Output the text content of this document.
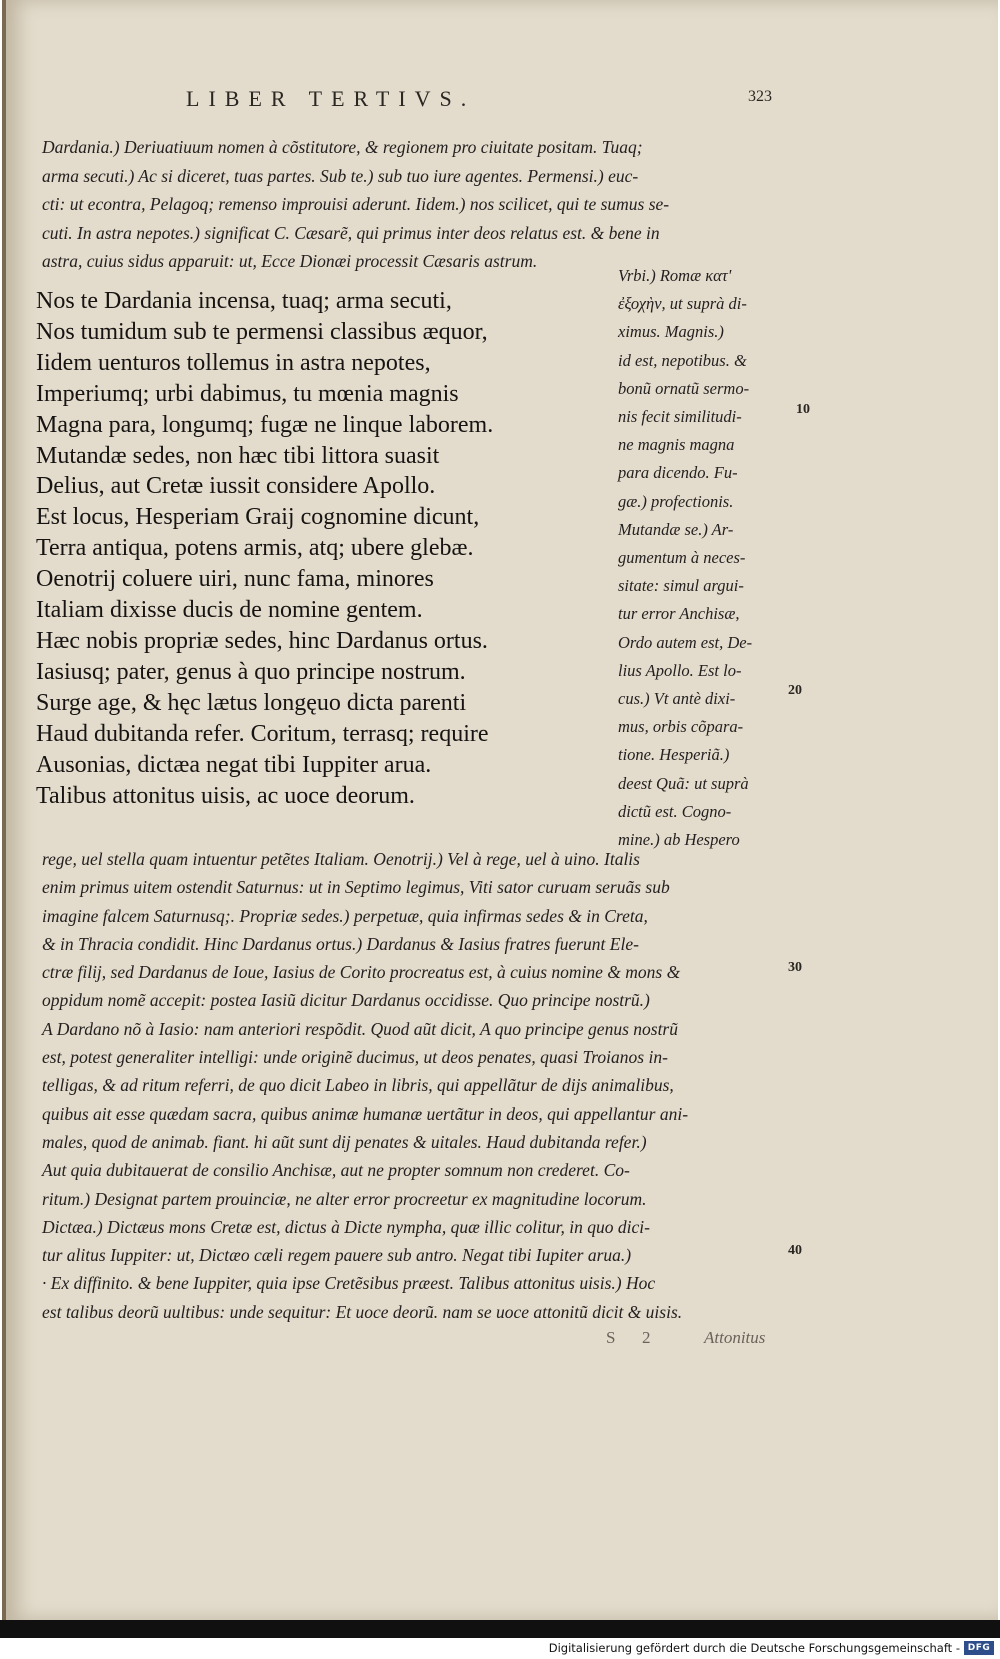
LIBER TERTIVS.	323
Dardania.) Deriuatiuum nomen à cõstitutore, & regionem pro ciuitate positam. Tuaq;
arma secuti.) Ac si diceret, tuas partes. Sub te.) sub tuo iure agentes. Permensi.) euc-
cti: ut econtra, Pelagoq; remenso improuisi aderunt. Iidem.) nos scilicet, qui te sumus se-
cuti. In astra nepotes.) significat C. Cæsarẽ, qui primus inter deos relatus est. & bene in
astra, cuius sidus apparuit: ut, Ecce Dionæi processit Cæsaris astrum.
Nos te Dardania incensa, tuaq; arma secuti,
Nos tumidum sub te permensi classibus æquor,
Iidem uenturos tollemus in astra nepotes,
Imperiumq; urbi dabimus, tu mœnia magnis
Magna para, longumq; fugæ ne linque laborem.
Mutandæ sedes, non hæc tibi littora suasit
Delius, aut Cretæ iussit considere Apollo.
Est locus, Hesperiam Graij cognomine dicunt,
Terra antiqua, potens armis, atq; ubere glebæ.
Oenotrij coluere uiri, nunc fama, minores
Italiam dixisse ducis de nomine gentem.
Hæc nobis propriæ sedes, hinc Dardanus ortus.
Iasiusq; pater, genus à quo principe nostrum.
Surge age, & hęc lætus longęuo dicta parenti
Haud dubitanda refer. Coritum, terrasq; require
Ausonias, dictæa negat tibi Iuppiter arua.
Talibus attonitus uisis, ac uoce deorum.
Vrbi.) Romæ κατ'
ἐξοχὴν, ut suprà di-
ximus. Magnis.)
id est, nepotibus. &
bonũ ornatũ sermo-
nis fecit similitudi-
ne magnis magna
para dicendo. Fu-
gæ.) profectionis.
Mutandæ se.) Ar-
gumentum à neces-
sitate: simul argui-
tur error Anchisæ,
Ordo autem est, De-
lius Apollo. Est lo-
cus.) Vt antè dixi-
mus, orbis cõpara-
tione. Hesperiã.)
deest Quã: ut suprà
dictũ est. Cogno-
mine.) ab Hespero
10
20
30
40
rege, uel stella quam intuentur petẽtes Italiam. Oenotrij.) Vel à rege, uel à uino. Italis
enim primus uitem ostendit Saturnus: ut in Septimo legimus, Viti sator curuam seruãs sub
imagine falcem Saturnusq;. Propriæ sedes.) perpetuæ, quia infirmas sedes & in Creta,
& in Thracia condidit. Hinc Dardanus ortus.) Dardanus & Iasius fratres fuerunt Ele-
ctræ filij, sed Dardanus de Ioue, Iasius de Corito procreatus est, à cuius nomine & mons &
oppidum nomẽ accepit: postea Iasiũ dicitur Dardanus occidisse. Quo principe nostrũ.)
A Dardano nõ à Iasio: nam anteriori respõdit. Quod aũt dicit, A quo principe genus nostrũ
est, potest generaliter intelligi: unde originẽ ducimus, ut deos penates, quasi Troianos in-
telligas, & ad ritum referri, de quo dicit Labeo in libris, qui appellãtur de dijs animalibus,
quibus ait esse quædam sacra, quibus animæ humanæ uertãtur in deos, qui appellantur ani-
males, quod de animab. fiant. hi aũt sunt dij penates & uitales. Haud dubitanda refer.)
Aut quia dubitauerat de consilio Anchisæ, aut ne propter somnum non crederet. Co-
ritum.) Designat partem prouinciæ, ne alter error procreetur ex magnitudine locorum.
Dictæa.) Dictæus mons Cretæ est, dictus à Dicte nympha, quæ illic colitur, in quo dici-
tur alitus Iuppiter: ut, Dictæo cæli regem pauere sub antro. Negat tibi Iupiter arua.)
· Ex diffinito. & bene Iuppiter, quia ipse Cretẽsibus præest. Talibus attonitus uisis.) Hoc
est talibus deorũ uultibus: unde sequitur: Et uoce deorũ. nam se uoce attonitũ dicit & uisis.
S 2	Attonitus
Digitalisierung gefördert durch die Deutsche Forschungsgemeinschaft - DFG
